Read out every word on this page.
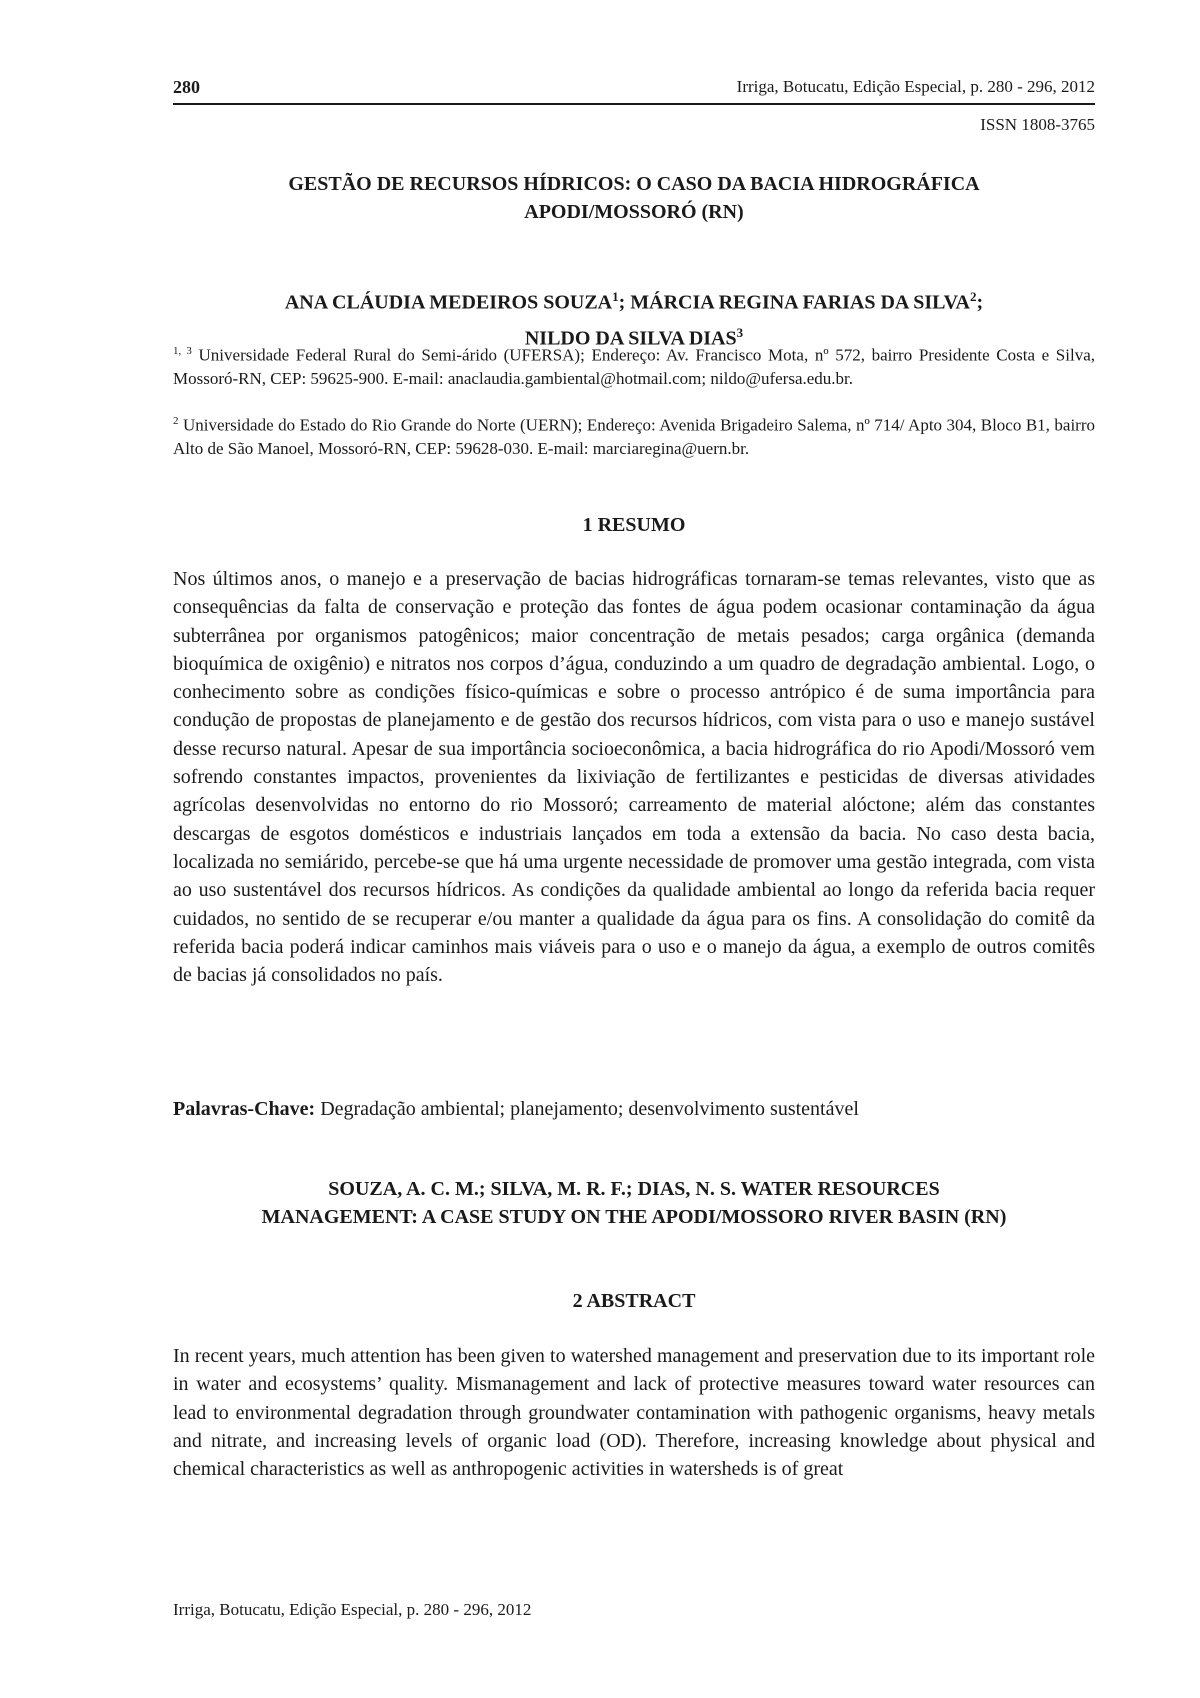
280	Irriga, Botucatu, Edição Especial, p. 280 - 296, 2012
ISSN 1808-3765
GESTÃO DE RECURSOS HÍDRICOS: O CASO DA BACIA HIDROGRÁFICA
APODI/MOSSORÓ (RN)
ANA CLÁUDIA MEDEIROS SOUZA$^1$; MÁRCIA REGINA FARIAS DA SILVA$^2$;
NILDO DA SILVA DIAS$^3$
$^{1, 3}$ Universidade Federal Rural do Semi-árido (UFERSA); Endereço: Av. Francisco Mota, nº 572, bairro Presidente Costa e Silva, Mossoró-RN, CEP: 59625-900. E-mail: anaclaudia.gambiental@hotmail.com; nildo@ufersa.edu.br.
$^2$ Universidade do Estado do Rio Grande do Norte (UERN); Endereço: Avenida Brigadeiro Salema, nº 714/ Apto 304, Bloco B1, bairro Alto de São Manoel, Mossoró-RN, CEP: 59628-030. E-mail: marciaregina@uern.br.
1 RESUMO
Nos últimos anos, o manejo e a preservação de bacias hidrográficas tornaram-se temas relevantes, visto que as consequências da falta de conservação e proteção das fontes de água podem ocasionar contaminação da água subterrânea por organismos patogênicos; maior concentração de metais pesados; carga orgânica (demanda bioquímica de oxigênio) e nitratos nos corpos d’água, conduzindo a um quadro de degradação ambiental. Logo, o conhecimento sobre as condições físico-químicas e sobre o processo antrópico é de suma importância para condução de propostas de planejamento e de gestão dos recursos hídricos, com vista para o uso e manejo sustável desse recurso natural. Apesar de sua importância socioeconômica, a bacia hidrográfica do rio Apodi/Mossoró vem sofrendo constantes impactos, provenientes da lixiviação de fertilizantes e pesticidas de diversas atividades agrícolas desenvolvidas no entorno do rio Mossoró; carreamento de material alóctone; além das constantes descargas de esgotos domésticos e industriais lançados em toda a extensão da bacia. No caso desta bacia, localizada no semiárido, percebe-se que há uma urgente necessidade de promover uma gestão integrada, com vista ao uso sustentável dos recursos hídricos. As condições da qualidade ambiental ao longo da referida bacia requer cuidados, no sentido de se recuperar e/ou manter a qualidade da água para os fins. A consolidação do comitê da referida bacia poderá indicar caminhos mais viáveis para o uso e o manejo da água, a exemplo de outros comitês de bacias já consolidados no país.
Palavras-Chave: Degradação ambiental; planejamento; desenvolvimento sustentável
SOUZA, A. C. M.; SILVA, M. R. F.; DIAS, N. S. WATER RESOURCES
MANAGEMENT: A CASE STUDY ON THE APODI/MOSSORO RIVER BASIN (RN)
2 ABSTRACT
In recent years, much attention has been given to watershed management and preservation due to its important role in water and ecosystems’ quality. Mismanagement and lack of protective measures toward water resources can lead to environmental degradation through groundwater contamination with pathogenic organisms, heavy metals and nitrate, and increasing levels of organic load (OD). Therefore, increasing knowledge about physical and chemical characteristics as well as anthropogenic activities in watersheds is of great
Irriga, Botucatu, Edição Especial, p. 280 - 296, 2012
